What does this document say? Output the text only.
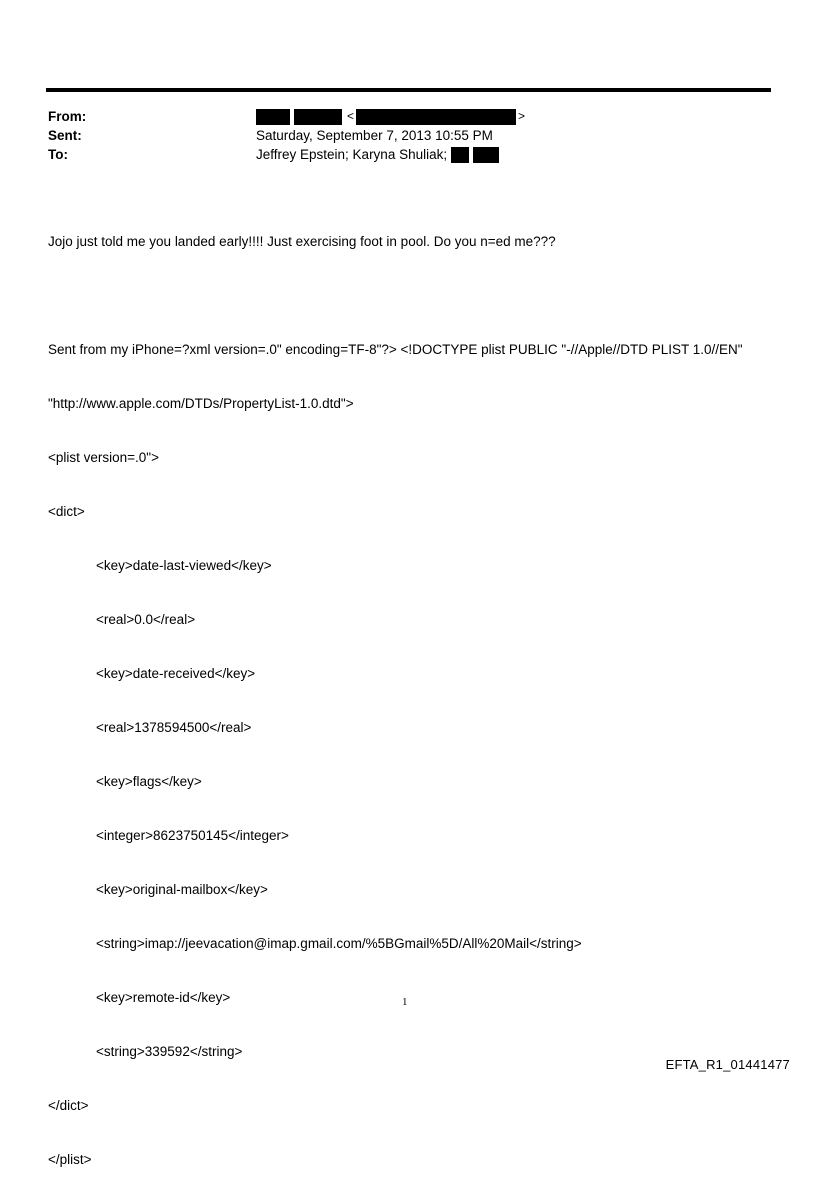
From:	<	>
Sent:	Saturday, September 7, 2013 10:55 PM
To:	Jeffrey Epstein; Karyna Shuliak;

Jojo just told me you landed early!!!! Just exercising foot in pool. Do you n=ed me???

Sent from my iPhone=?xml version=.0" encoding=TF-8"?> <!DOCTYPE plist PUBLIC "-//Apple//DTD PLIST 1.0//EN"

"http://www.apple.com/DTDs/PropertyList-1.0.dtd">

<plist version=.0">

<dict>

<key>date-last-viewed</key>

<real>0.0</real>

<key>date-received</key>

<real>1378594500</real>

<key>flags</key>

<integer>8623750145</integer>

<key>original-mailbox</key>

<string>imap://jeevacation@imap.gmail.com/%5BGmail%5D/All%20Mail</string>

<key>remote-id</key>

<string>339592</string>

</dict>

</plist>

1
EFTA_R1_01441477
